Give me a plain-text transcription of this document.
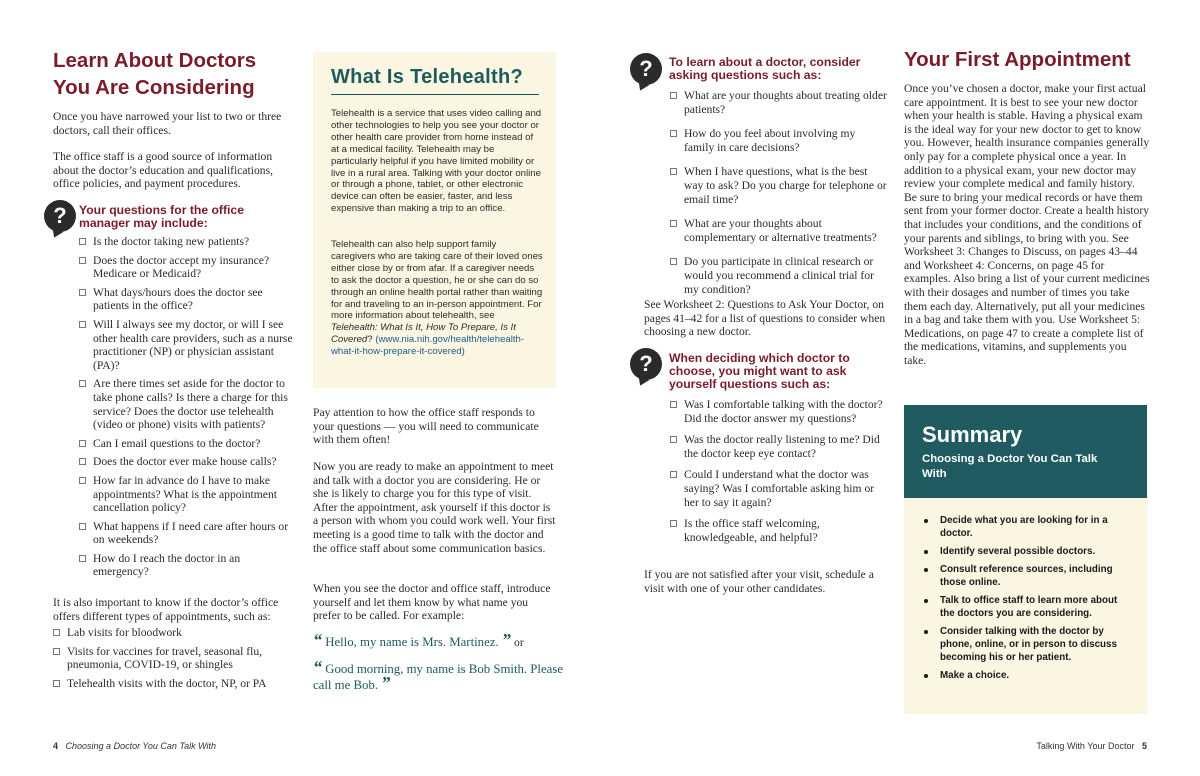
Learn About Doctors
You Are Considering

Once you have narrowed your list to two or three doctors, call their offices.

The office staff is a good source of information about the doctor’s education and qualifications, office policies, and payment procedures.

?	Your questions for the office manager may include:
Is the doctor taking new patients?
Does the doctor accept my insurance? Medicare or Medicaid?
What days/hours does the doctor see patients in the office?
Will I always see my doctor, or will I see other health care providers, such as a nurse practitioner (NP) or physician assistant (PA)?
Are there times set aside for the doctor to take phone calls? Is there a charge for this service? Does the doctor use telehealth (video or phone) visits with patients?
Can I email questions to the doctor?
Does the doctor ever make house calls?
How far in advance do I have to make appointments? What is the appointment cancellation policy?
What happens if I need care after hours or on weekends?
How do I reach the doctor in an emergency?

It is also important to know if the doctor’s office offers different types of appointments, such as:

Lab visits for bloodwork
Visits for vaccines for travel, seasonal flu, pneumonia, COVID-19, or shingles
Telehealth visits with the doctor, NP, or PA
What Is Telehealth?

Telehealth is a service that uses video calling and other technologies to help you see your doctor or other health care provider from home instead of at a medical facility. Telehealth may be particularly helpful if you have limited mobility or live in a rural area. Talking with your doctor online or through a phone, tablet, or other electronic device can often be easier, faster, and less expensive than making a trip to an office.

Telehealth can also help support family caregivers who are taking care of their loved ones either close by or from afar. If a caregiver needs to ask the doctor a question, he or she can do so through an online health portal rather than waiting for and traveling to an in-person appointment. For more information about telehealth, see Telehealth: What Is It, How To Prepare, Is It Covered? (www.nia.nih.gov/health/telehealth-what-it-how-prepare-it-covered)

Pay attention to how the office staff responds to your questions — you will need to communicate with them often!

Now you are ready to make an appointment to meet and talk with a doctor you are considering. He or she is likely to charge you for this type of visit. After the appointment, ask yourself if this doctor is a person with whom you could work well. Your first meeting is a good time to talk with the doctor and the office staff about some communication basics.

When you see the doctor and office staff, introduce yourself and let them know by what name you prefer to be called. For example:

“ Hello, my name is Mrs. Martinez. ” or
“ Good morning, my name is Bob Smith. Please call me Bob. ”
?	To learn about a doctor, consider asking questions such as:
What are your thoughts about treating older patients?
How do you feel about involving my family in care decisions?
When I have questions, what is the best way to ask? Do you charge for telephone or email time?
What are your thoughts about complementary or alternative treatments?
Do you participate in clinical research or would you recommend a clinical trial for my condition?

See Worksheet 2: Questions to Ask Your Doctor, on pages 41–42 for a list of questions to consider when choosing a new doctor.

?	When deciding which doctor to choose, you might want to ask yourself questions such as:
Was I comfortable talking with the doctor? Did the doctor answer my questions?
Was the doctor really listening to me? Did the doctor keep eye contact?
Could I understand what the doctor was saying? Was I comfortable asking him or her to say it again?
Is the office staff welcoming, knowledgeable, and helpful?

If you are not satisfied after your visit, schedule a visit with one of your other candidates.

Your First Appointment

Once you’ve chosen a doctor, make your first actual care appointment. It is best to see your new doctor when your health is stable. Having a physical exam is the ideal way for your new doctor to get to know you. However, health insurance companies generally only pay for a complete physical once a year. In addition to a physical exam, your new doctor may review your complete medical and family history. Be sure to bring your medical records or have them sent from your former doctor. Create a health history that includes your conditions, and the conditions of your parents and siblings, to bring with you. See Worksheet 3: Changes to Discuss, on pages 43–44 and Worksheet 4: Concerns, on page 45 for examples. Also bring a list of your current medicines with their dosages and number of times you take them each day. Alternatively, put all your medicines in a bag and take them with you. Use Worksheet 5: Medications, on page 47 to create a complete list of the medications, vitamins, and supplements you take.

Summary
Choosing a Doctor You Can Talk With
Decide what you are looking for in a doctor.
Identify several possible doctors.
Consult reference sources, including those online.
Talk to office staff to learn more about the doctors you are considering.
Consider talking with the doctor by phone, online, or in person to discuss becoming his or her patient.
Make a choice.
4 Choosing a Doctor You Can Talk With	Talking With Your Doctor 5
